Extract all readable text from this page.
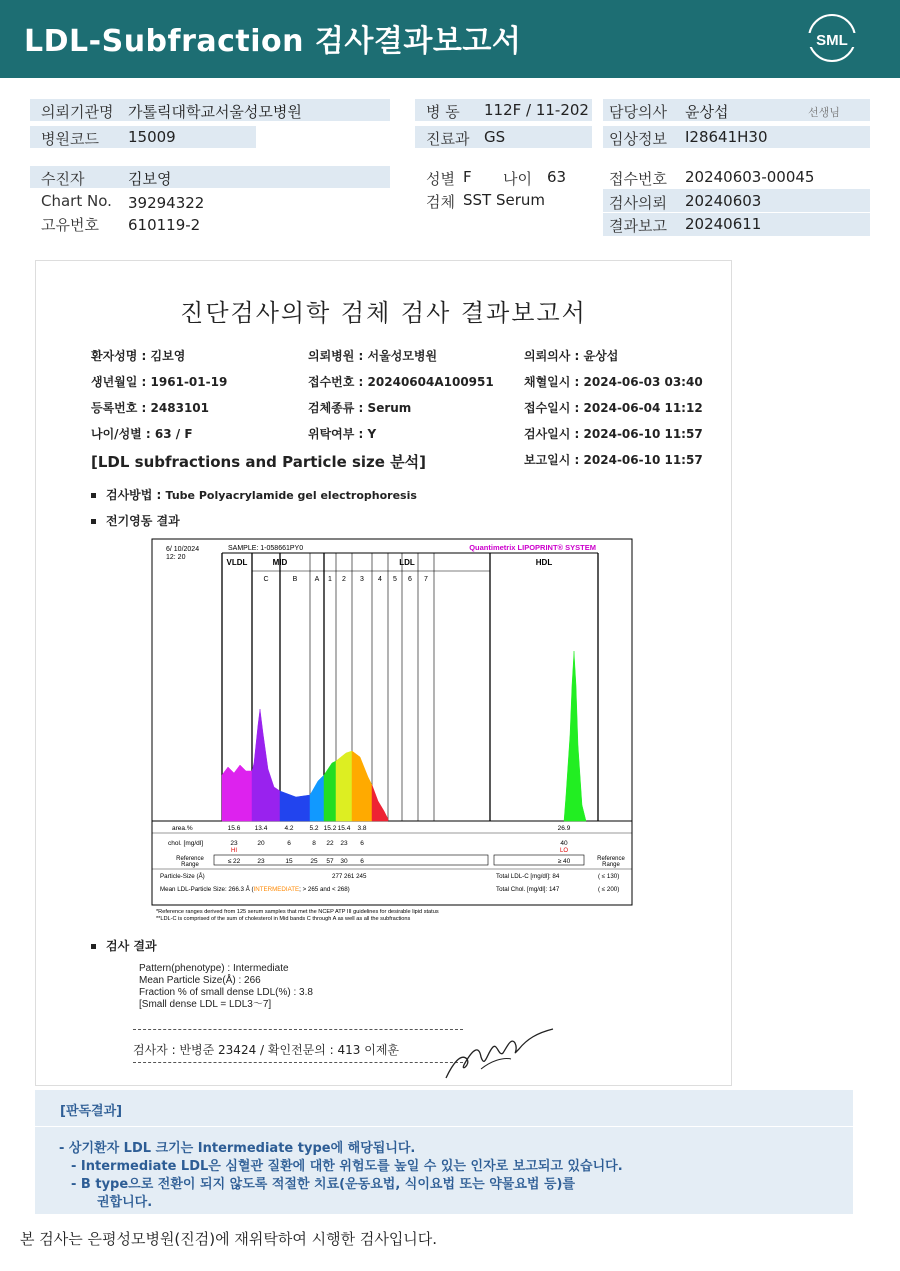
LDL-Subfraction 검사결과보고서	SML
의뢰기관명 가톨릭대학교서울성모병원
병원코드 15009
병 동 112F / 11-202
진료과 GS
담당의사 윤상섭	선생님
임상정보 I28641H30
수진자	김보영
Chart No. 39294322
고유번호 610119-2
성별 F 나이 63
검체 SST Serum
접수번호 20240603-00045
검사의뢰 20240603
결과보고 20240611
진단검사의학 검체 검사 결과보고서
환자성명 : 김보영
생년월일 : 1961-01-19
등록번호 : 2483101
나이/성별 : 63 / F
의뢰병원 : 서울성모병원
접수번호 : 20240604A100951
검체종류 : Serum
위탁여부 : Y
의뢰의사 : 윤상섭
채혈일시 : 2024-06-03 03:40
접수일시 : 2024-06-04 11:12
검사일시 : 2024-06-10 11:57
보고일시 : 2024-06-10 11:57
[LDL subfractions and Particle size 분석]
검사방법 : Tube Polyacrylamide gel electrophoresis
전기영동 결과
6/ 10/2024
12: 20
SAMPLE: 1-058661PY0	Quantimetrix LIPOPRINT® SYSTEM
VLDL	MID	LDL	HDL
C	B A 1 2 3 4 5 6 7
area.%	15.6 13.4	4.2 5.2 15.2 15.4 3.8	26.9
chol. [mg/dl]	23	20	6	8 22 23 6	40
HI	LO
Reference
Range
Reference
Range
≤ 22	23	15	25 57 30 6	≥ 40
Particle-Size (Å)	277 261 245	Total LDL-C [mg/dl]: 84	( ≤ 130)
Mean LDL-Particle Size: 266.3 Å (INTERMEDIATE; > 265 and < 268)	Total Chol. [mg/dl]: 147	( ≤ 200)
*Reference ranges derived from 125 serum samples that met the NCEP ATP III guidelines for desirable lipid status
**LDL-C is comprised of the sum of cholesterol in Mid bands C through A as well as all the subfractions
검사 결과
Pattern(phenotype) : Intermediate
Mean Particle Size(Å) : 266
Fraction % of small dense LDL(%) : 3.8
[Small dense LDL = LDL3～7]
검사자 : 반병준 23424 / 확인전문의 : 413 이제훈
[판독결과]
- 상기환자 LDL 크기는 Intermediate type에 해당됩니다.
- Intermediate LDL은 심혈관 질환에 대한 위험도를 높일 수 있는 인자로 보고되고 있습니다.
- B type으로 전환이 되지 않도록 적절한 치료(운동요법, 식이요법 또는 약물요법 등)를
권합니다.
본 검사는 은평성모병원(진검)에 재위탁하여 시행한 검사입니다.
